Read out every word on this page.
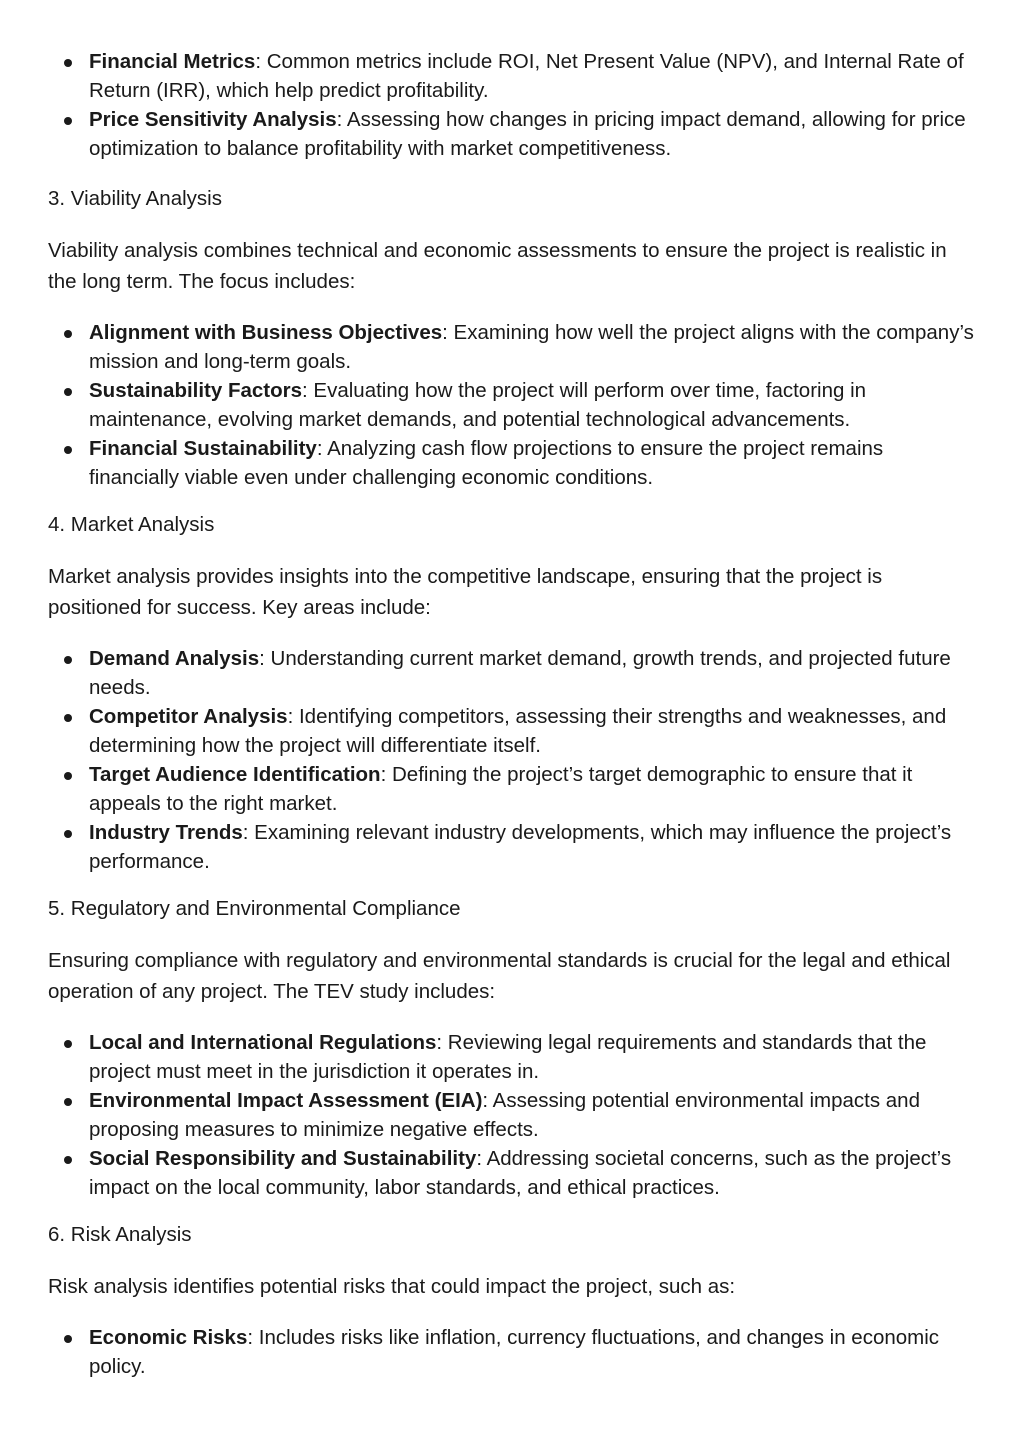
Financial Metrics: Common metrics include ROI, Net Present Value (NPV), and Internal Rate of Return (IRR), which help predict profitability.
Price Sensitivity Analysis: Assessing how changes in pricing impact demand, allowing for price optimization to balance profitability with market competitiveness.

3. Viability Analysis

Viability analysis combines technical and economic assessments to ensure the project is realistic in the long term. The focus includes:

Alignment with Business Objectives: Examining how well the project aligns with the company’s mission and long-term goals.
Sustainability Factors: Evaluating how the project will perform over time, factoring in maintenance, evolving market demands, and potential technological advancements.
Financial Sustainability: Analyzing cash flow projections to ensure the project remains financially viable even under challenging economic conditions.

4. Market Analysis

Market analysis provides insights into the competitive landscape, ensuring that the project is positioned for success. Key areas include:

Demand Analysis: Understanding current market demand, growth trends, and projected future needs.
Competitor Analysis: Identifying competitors, assessing their strengths and weaknesses, and determining how the project will differentiate itself.
Target Audience Identification: Defining the project’s target demographic to ensure that it appeals to the right market.
Industry Trends: Examining relevant industry developments, which may influence the project’s performance.

5. Regulatory and Environmental Compliance

Ensuring compliance with regulatory and environmental standards is crucial for the legal and ethical operation of any project. The TEV study includes:

Local and International Regulations: Reviewing legal requirements and standards that the project must meet in the jurisdiction it operates in.
Environmental Impact Assessment (EIA): Assessing potential environmental impacts and proposing measures to minimize negative effects.
Social Responsibility and Sustainability: Addressing societal concerns, such as the project’s impact on the local community, labor standards, and ethical practices.

6. Risk Analysis

Risk analysis identifies potential risks that could impact the project, such as:

Economic Risks: Includes risks like inflation, currency fluctuations, and changes in economic policy.
